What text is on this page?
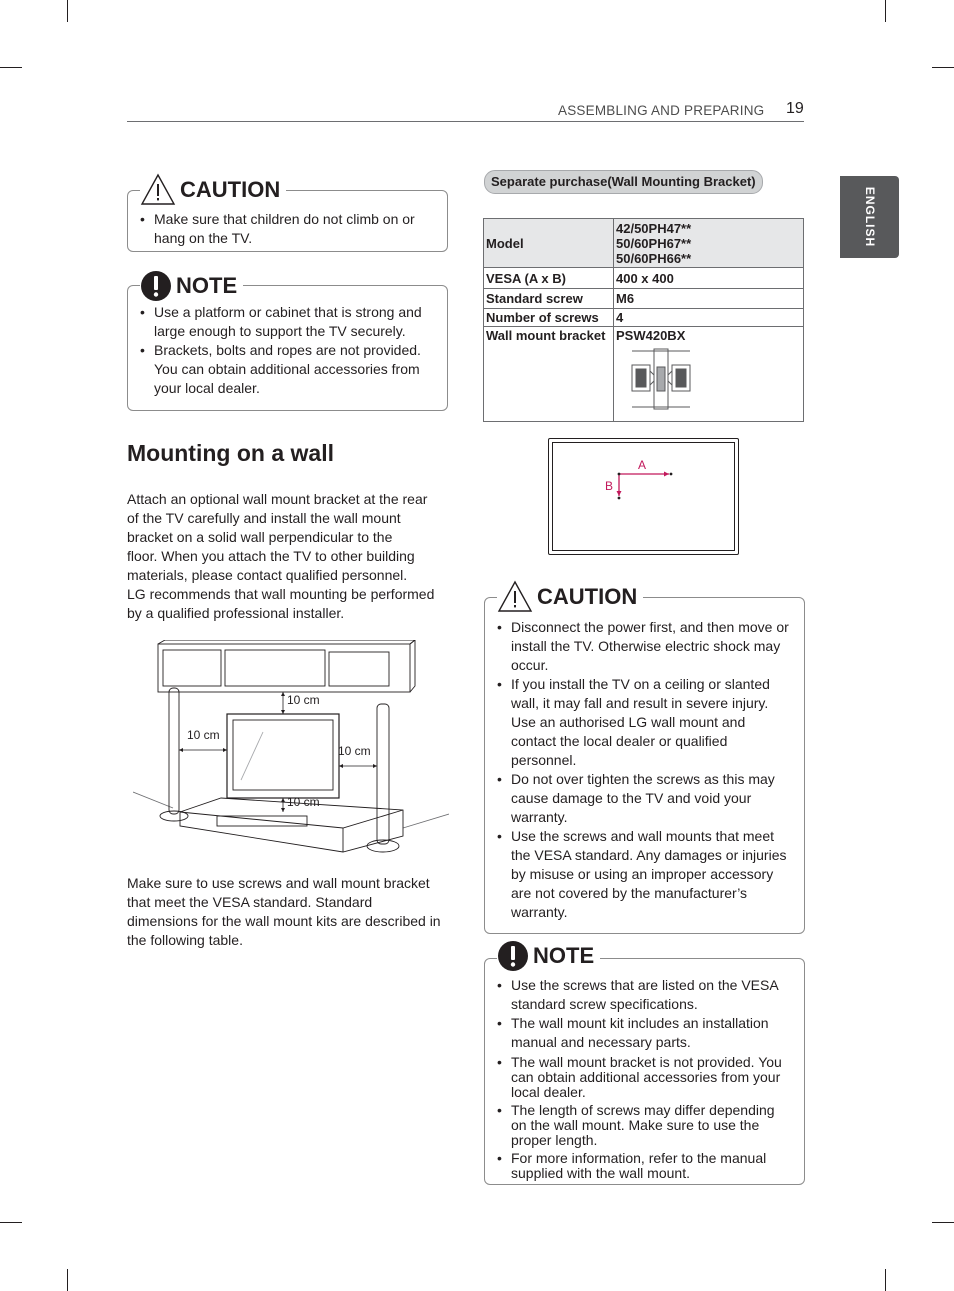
ASSEMBLING AND PREPARING 19
ENGLISH
• Make sure that children do not climb on or hang on the TV.
CAUTION
• Use a platform or cabinet that is strong and large enough to support the TV securely.
• Brackets, bolts and ropes are not provided. You can obtain additional accessories from your local dealer.
NOTE
Mounting on a wall
Attach an optional wall mount bracket at the rear
of the TV carefully and install the wall mount
bracket on a solid wall perpendicular to the
floor. When you attach the TV to other building
materials, please contact qualified personnel.
LG recommends that wall mounting be performed
by a qualified professional installer.
10 cm
10 cm
10 cm
10 cm
Make sure to use screws and wall mount bracket
that meet the VESA standard. Standard
dimensions for the wall mount kits are described in
the following table.
Separate purchase(Wall Mounting Bracket)
Model	42/50PH47**
50/60PH67**
50/60PH66**

VESA (A x B)	400 x 400
Standard screw	M6
Number of screws	4
Wall mount bracket	PSW420BX
A
B
• Disconnect the power first, and then move or install the TV. Otherwise electric shock may occur.
• If you install the TV on a ceiling or slanted wall, it may fall and result in severe injury. Use an authorised LG wall mount and contact the local dealer or qualified personnel.
• Do not over tighten the screws as this may cause damage to the TV and void your warranty.
• Use the screws and wall mounts that meet the VESA standard. Any damages or injuries by misuse or using an improper accessory are not covered by the manufacturer’s warranty.
CAUTION
• Use the screws that are listed on the VESA standard screw specifications.
• The wall mount kit includes an installation manual and necessary parts.
• The wall mount bracket is not provided. You can obtain additional accessories from your local dealer.
• The length of screws may differ depending on the wall mount. Make sure to use the proper length.
• For more information, refer to the manual supplied with the wall mount.
NOTE
